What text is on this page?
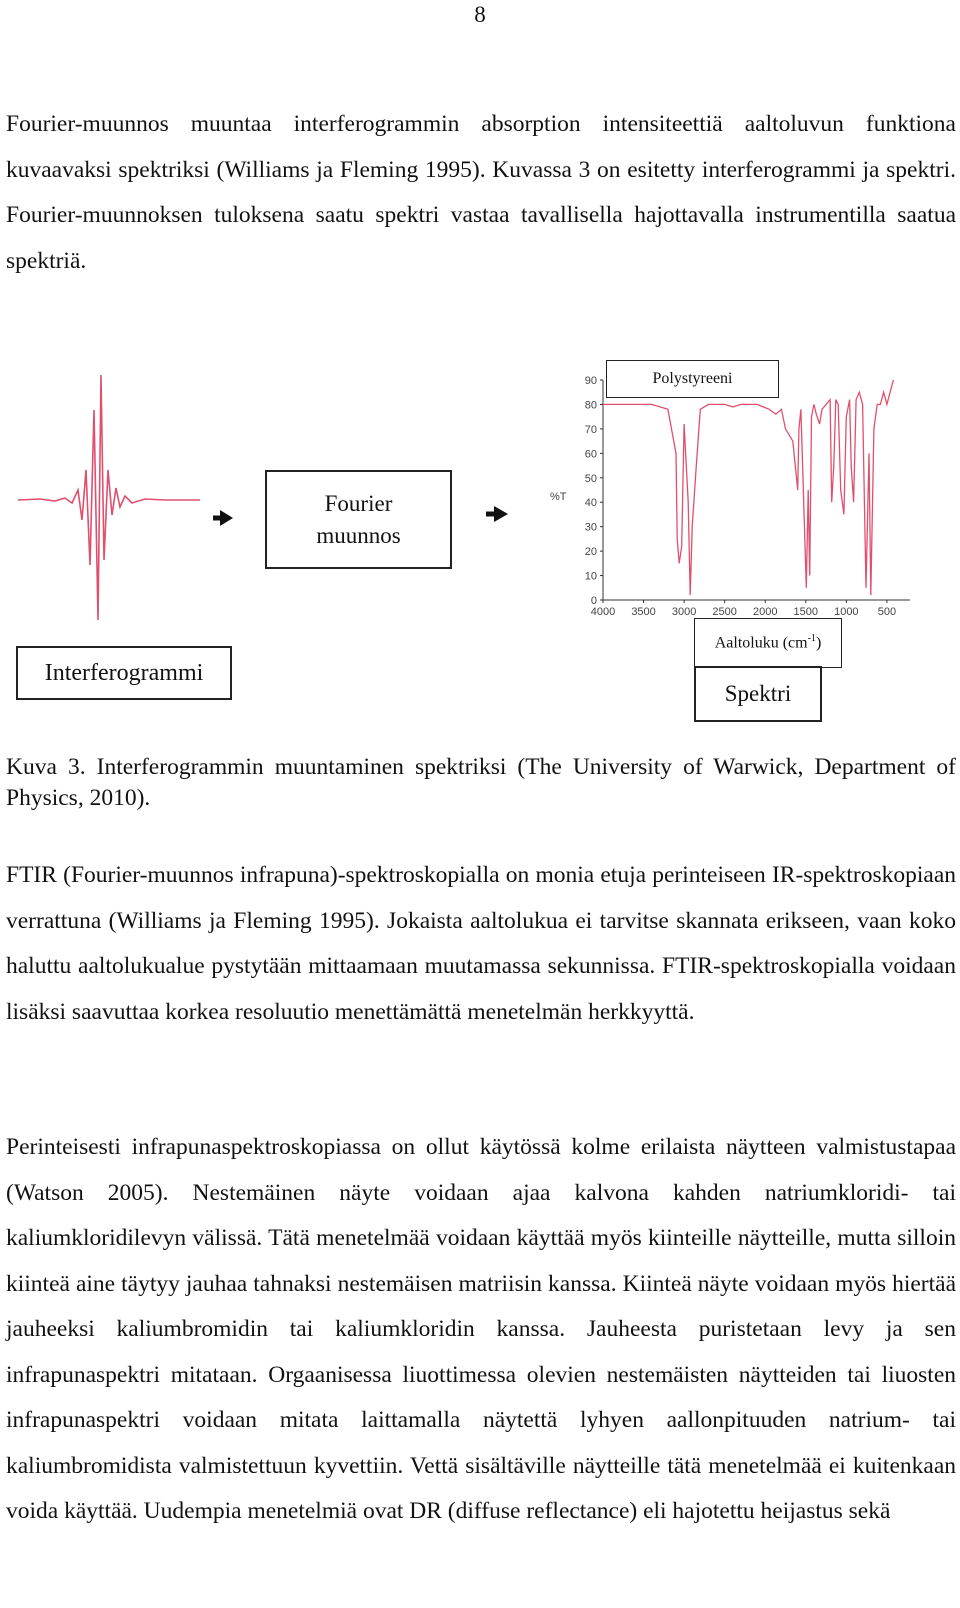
8

Fourier-muunnos muuntaa interferogrammin absorption intensiteettiä aaltoluvun funktiona kuvaavaksi spektriksi (Williams ja Fleming 1995). Kuvassa 3 on esitetty interferogrammi ja spektri. Fourier-muunnoksen tuloksena saatu spektri vastaa tavallisella hajottavalla instrumentilla saatua spektriä.

0
10
20
30
40
50
60
70
80
90
4000 3500 3000 2500 2000 1500 1000 500
%T
Fourier
muunnos
Interferogrammi
Polystyreeni
Aaltoluku $(cm^{-1})$
Spektri

Kuva 3. Interferogrammin muuntaminen spektriksi (The University of Warwick, Department of Physics, 2010).

FTIR (Fourier-muunnos infrapuna)-spektroskopialla on monia etuja perinteiseen IR-spektroskopiaan verrattuna (Williams ja Fleming 1995). Jokaista aaltolukua ei tarvitse skannata erikseen, vaan koko haluttu aaltolukualue pystytään mittaamaan muutamassa sekunnissa. FTIR-spektroskopialla voidaan lisäksi saavuttaa korkea resoluutio menettämättä menetelmän herkkyyttä.

Perinteisesti infrapunaspektroskopiassa on ollut käytössä kolme erilaista näytteen valmistustapaa (Watson 2005). Nestemäinen näyte voidaan ajaa kalvona kahden natriumkloridi- tai kaliumkloridilevyn välissä. Tätä menetelmää voidaan käyttää myös kiinteille näytteille, mutta silloin kiinteä aine täytyy jauhaa tahnaksi nestemäisen matriisin kanssa. Kiinteä näyte voidaan myös hiertää jauheeksi kaliumbromidin tai kaliumkloridin kanssa. Jauheesta puristetaan levy ja sen infrapunaspektri mitataan. Orgaanisessa liuottimessa olevien nestemäisten näytteiden tai liuosten infrapunaspektri voidaan mitata laittamalla näytettä lyhyen aallonpituuden natrium- tai kaliumbromidista valmistettuun kyvettiin. Vettä sisältäville näytteille tätä menetelmää ei kuitenkaan voida käyttää. Uudempia menetelmiä ovat DR (diffuse reflectance) eli hajotettu heijastus sekä
